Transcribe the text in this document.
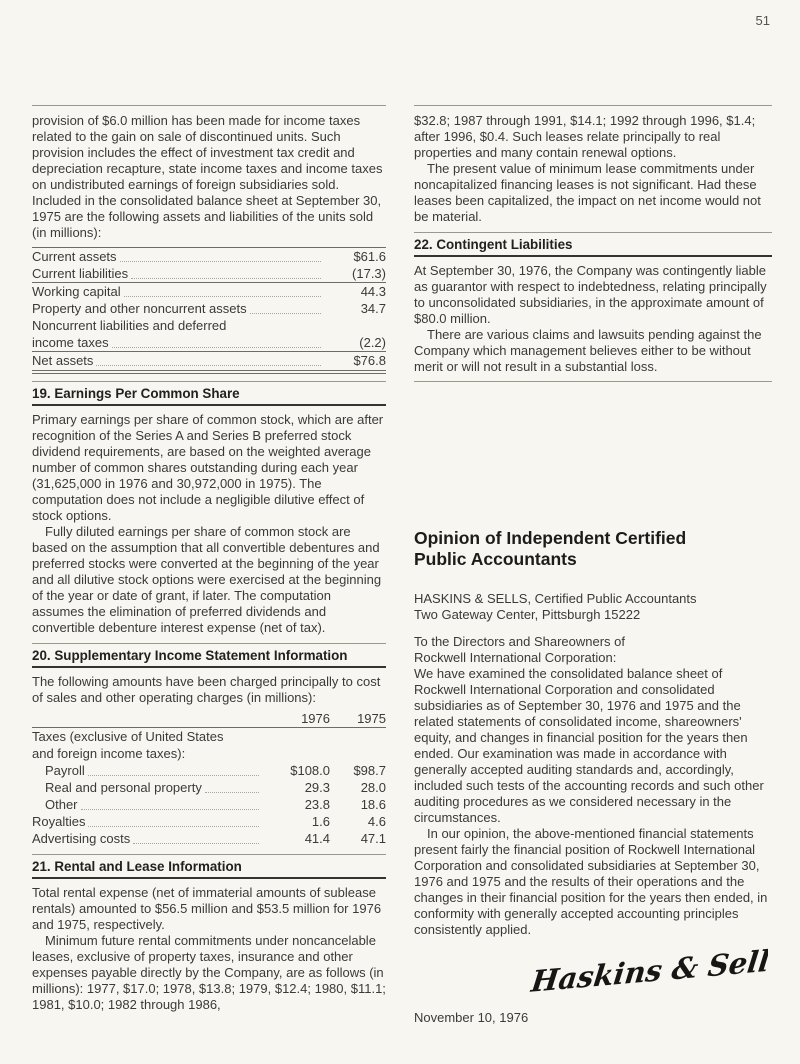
51

provision of $6.0 million has been made for income taxes related to the gain on sale of discontinued units. Such provision includes the effect of investment tax credit and depreciation recapture, state income taxes and income taxes on undistributed earnings of foreign subsidiaries sold. Included in the consolidated balance sheet at September 30, 1975 are the following assets and liabilities of the units sold (in millions):

Current assets	$61.6
Current liabilities	(17.3)
Working capital	44.3
Property and other noncurrent assets	34.7
Noncurrent liabilities and deferred
income taxes	(2.2)
Net assets	$76.8
19. Earnings Per Common Share

Primary earnings per share of common stock, which are after recognition of the Series A and Series B preferred stock dividend requirements, are based on the weighted average number of common shares outstanding during each year (31,625,000 in 1976 and 30,972,000 in 1975). The computation does not include a negligible dilutive effect of stock options.

Fully diluted earnings per share of common stock are based on the assumption that all convertible debentures and preferred stocks were converted at the beginning of the year and all dilutive stock options were exercised at the beginning of the year or date of grant, if later. The computation assumes the elimination of preferred dividends and convertible debenture interest expense (net of tax).

20. Supplementary Income Statement Information

The following amounts have been charged principally to cost of sales and other operating charges (in millions):

1976	1975
Taxes (exclusive of United States
and foreign income taxes):
Payroll	$108.0	$98.7
Real and personal property	29.3	28.0
Other	23.8	18.6
Royalties	1.6	4.6
Advertising costs	41.4	47.1
21. Rental and Lease Information

Total rental expense (net of immaterial amounts of sublease rentals) amounted to $56.5 million and $53.5 million for 1976 and 1975, respectively.

Minimum future rental commitments under noncancelable leases, exclusive of property taxes, insurance and other expenses payable directly by the Company, are as follows (in millions): 1977, $17.0; 1978, $13.8; 1979, $12.4; 1980, $11.1; 1981, $10.0; 1982 through 1986,

$32.8; 1987 through 1991, $14.1; 1992 through 1996, $1.4; after 1996, $0.4. Such leases relate principally to real properties and many contain renewal options.

The present value of minimum lease commitments under noncapitalized financing leases is not significant. Had these leases been capitalized, the impact on net income would not be material.

22. Contingent Liabilities

At September 30, 1976, the Company was contingently liable as guarantor with respect to indebtedness, relating principally to unconsolidated subsidiaries, in the approximate amount of $80.0 million.

There are various claims and lawsuits pending against the Company which management believes either to be without merit or will not result in a substantial loss.

Opinion of Independent Certified
Public Accountants
HASKINS & SELLS, Certified Public Accountants
Two Gateway Center, Pittsburgh 15222
To the Directors and Shareowners of
Rockwell International Corporation:

We have examined the consolidated balance sheet of Rockwell International Corporation and consolidated subsidiaries as of September 30, 1976 and 1975 and the related statements of consolidated income, shareowners' equity, and changes in financial position for the years then ended. Our examination was made in accordance with generally accepted auditing standards and, accordingly, included such tests of the accounting records and such other auditing procedures as we considered necessary in the circumstances.

In our opinion, the above-mentioned financial statements present fairly the financial position of Rockwell International Corporation and consolidated subsidiaries at September 30, 1976 and 1975 and the results of their operations and the changes in their financial position for the years then ended, in conformity with generally accepted accounting principles consistently applied.

Haskins & Sells
November 10, 1976
